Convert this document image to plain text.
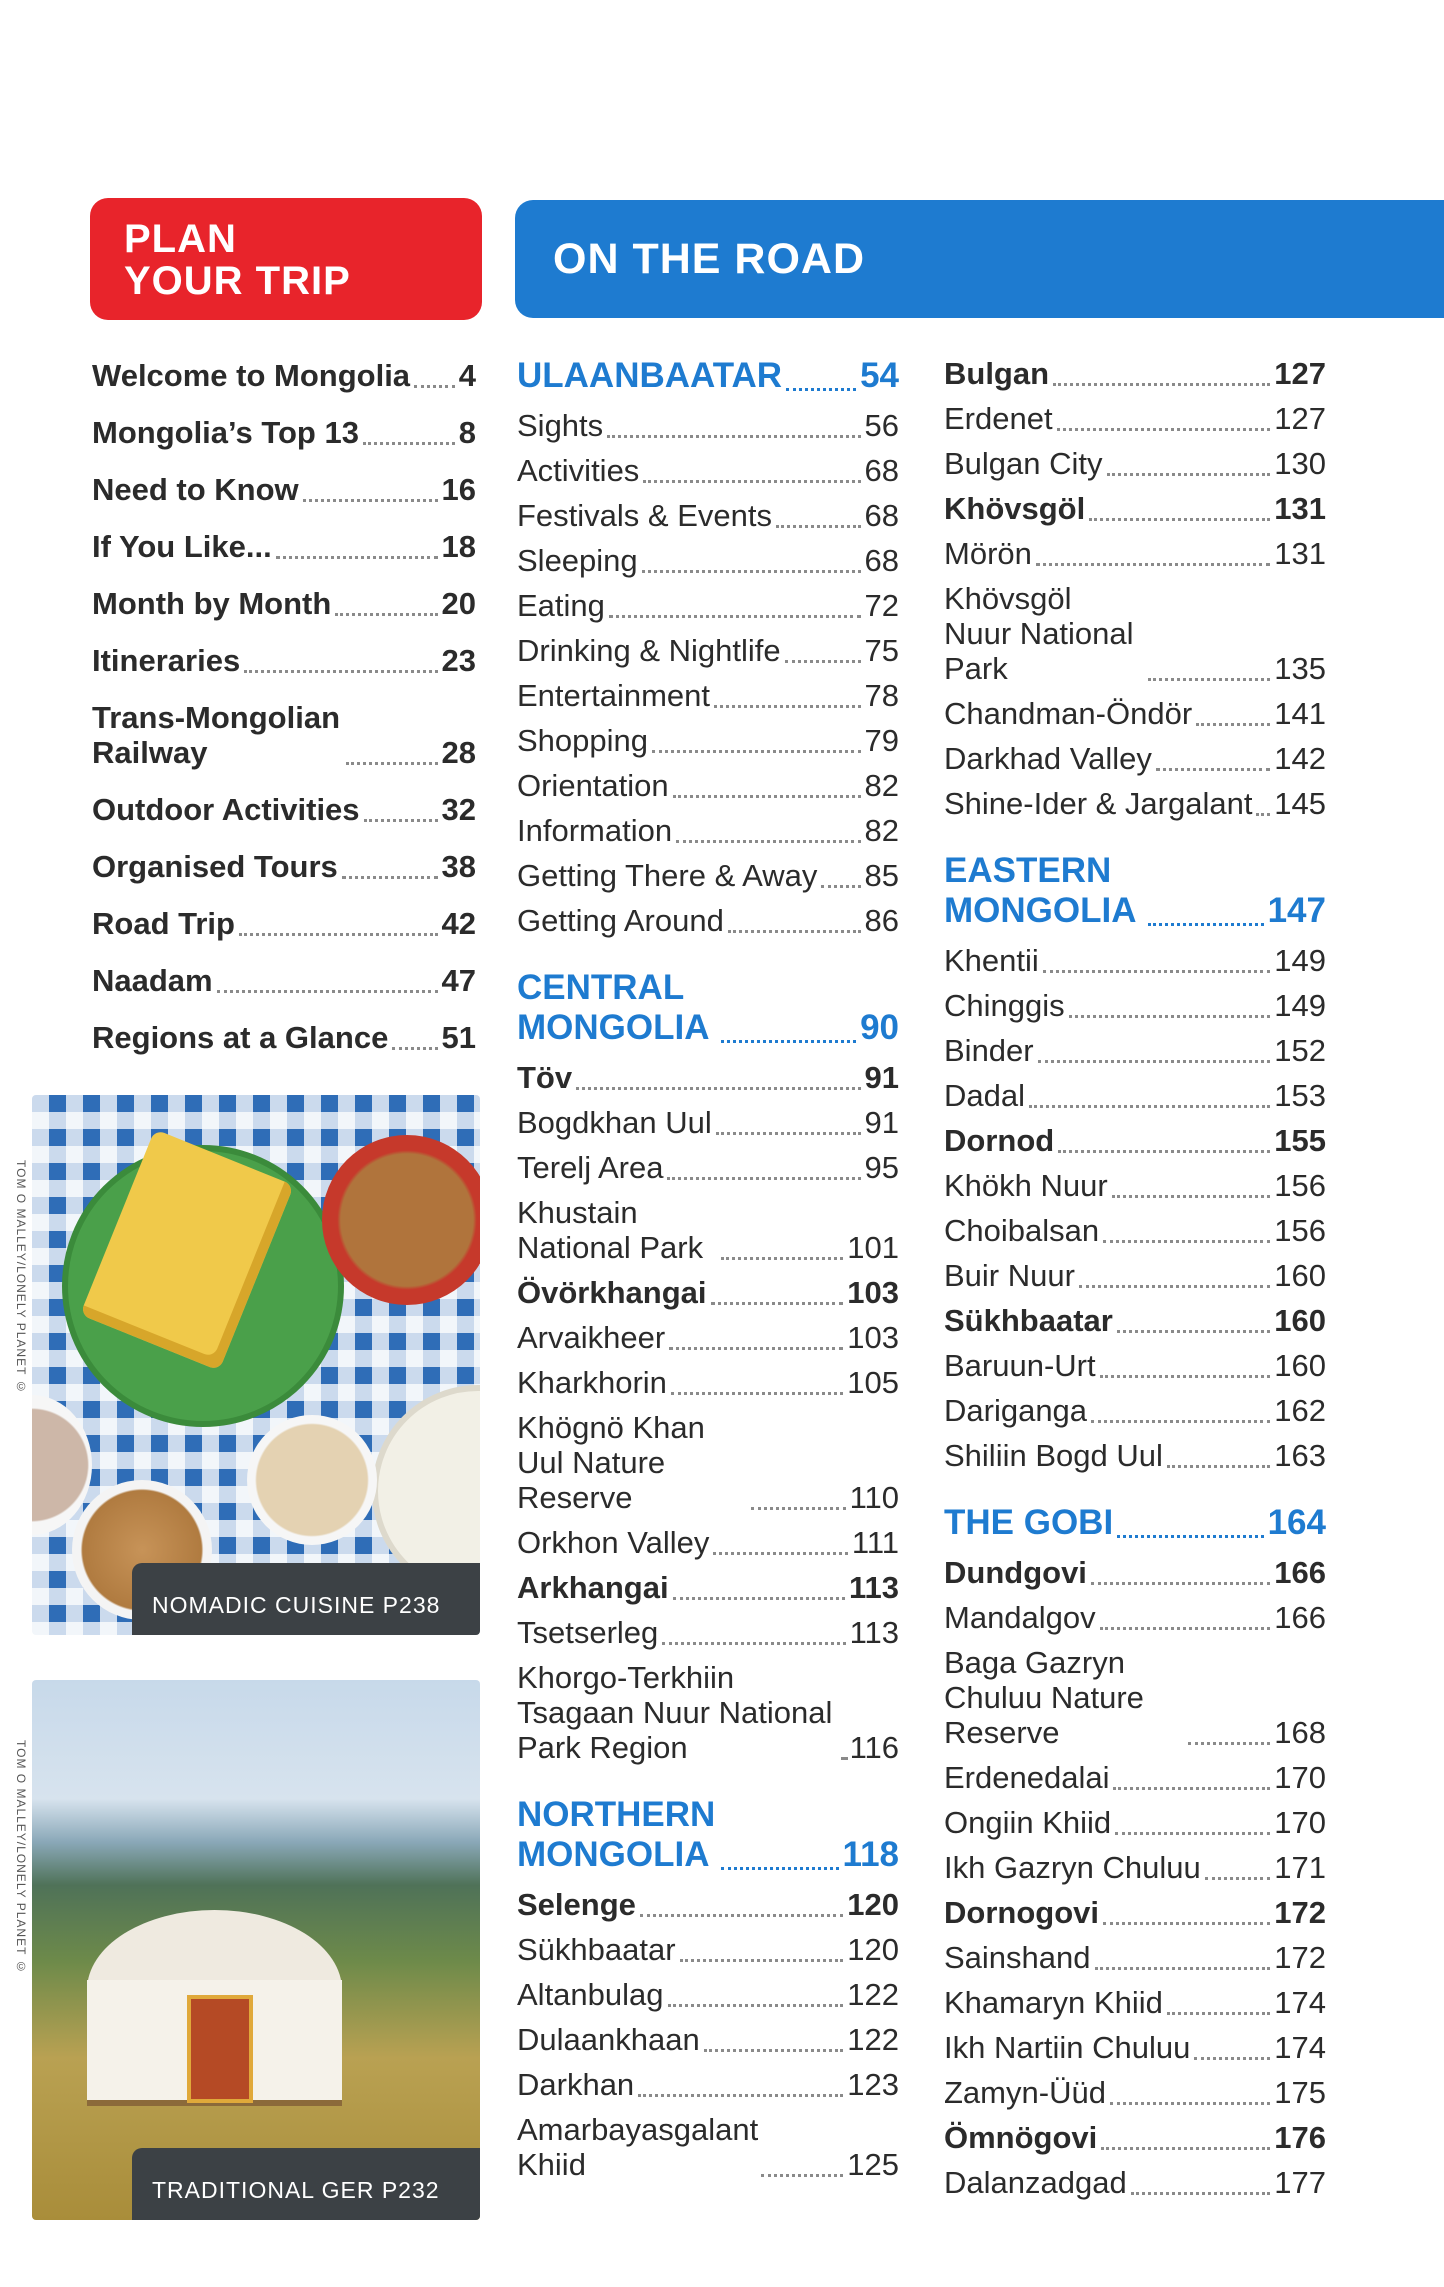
PLAN
YOUR TRIP	ON THE ROAD
Welcome to Mongolia 4
Mongolia’s Top 13	8
Need to Know	16
If You Like...	18
Month by Month	20
Itineraries	23
Trans-Mongolian Railway	28
Outdoor Activities	32
Organised Tours	38
Road Trip	42
Naadam	47
Regions at a Glance 51
TOM O MALLEY/LONELY PLANET ©
NOMADIC CUISINE P238
TOM O MALLEY/LONELY PLANET ©
TRADITIONAL GER P232
ULAANBAATAR 54
Sights	56
Activities	68
Festivals & Events	68
Sleeping	68
Eating	72
Drinking & Nightlife	75
Entertainment	78
Shopping	79
Orientation	82
Information	82
Getting There & Away 85
Getting Around	86
CENTRAL MONGOLIA	90
Töv	91
Bogdkhan Uul	91
Terelj Area	95
Khustain National Park	101
Övörkhangai	103
Arvaikheer	103
Kharkhorin	105
Khögnö Khan Uul Nature Reserve	110
Orkhon Valley	111
Arkhangai	113
Tsetserleg	113
Khorgo-Terkhiin Tsagaan Nuur National Park Region	116
NORTHERN MONGOLIA	118
Selenge	120
Sükhbaatar	120
Altanbulag	122
Dulaankhaan	122
Darkhan	123
Amarbayasgalant Khiid	125
Bulgan	127
Erdenet	127
Bulgan City	130
Khövsgöl	131
Mörön	131
Khövsgöl Nuur National Park	135
Chandman-Öndör	141
Darkhad Valley	142
Shine-Ider & Jargalant 145
EASTERN MONGOLIA	147
Khentii	149
Chinggis	149
Binder	152
Dadal	153
Dornod	155
Khökh Nuur	156
Choibalsan	156
Buir Nuur	160
Sükhbaatar	160
Baruun-Urt	160
Dariganga	162
Shiliin Bogd Uul	163
THE GOBI	164
Dundgovi	166
Mandalgov	166
Baga Gazryn Chuluu Nature Reserve	168
Erdenedalai	170
Ongiin Khiid	170
Ikh Gazryn Chuluu 171
Dornogovi	172
Sainshand	172
Khamaryn Khiid	174
Ikh Nartiin Chuluu	174
Zamyn-Üüd	175
Ömnögovi	176
Dalanzadgad	177
